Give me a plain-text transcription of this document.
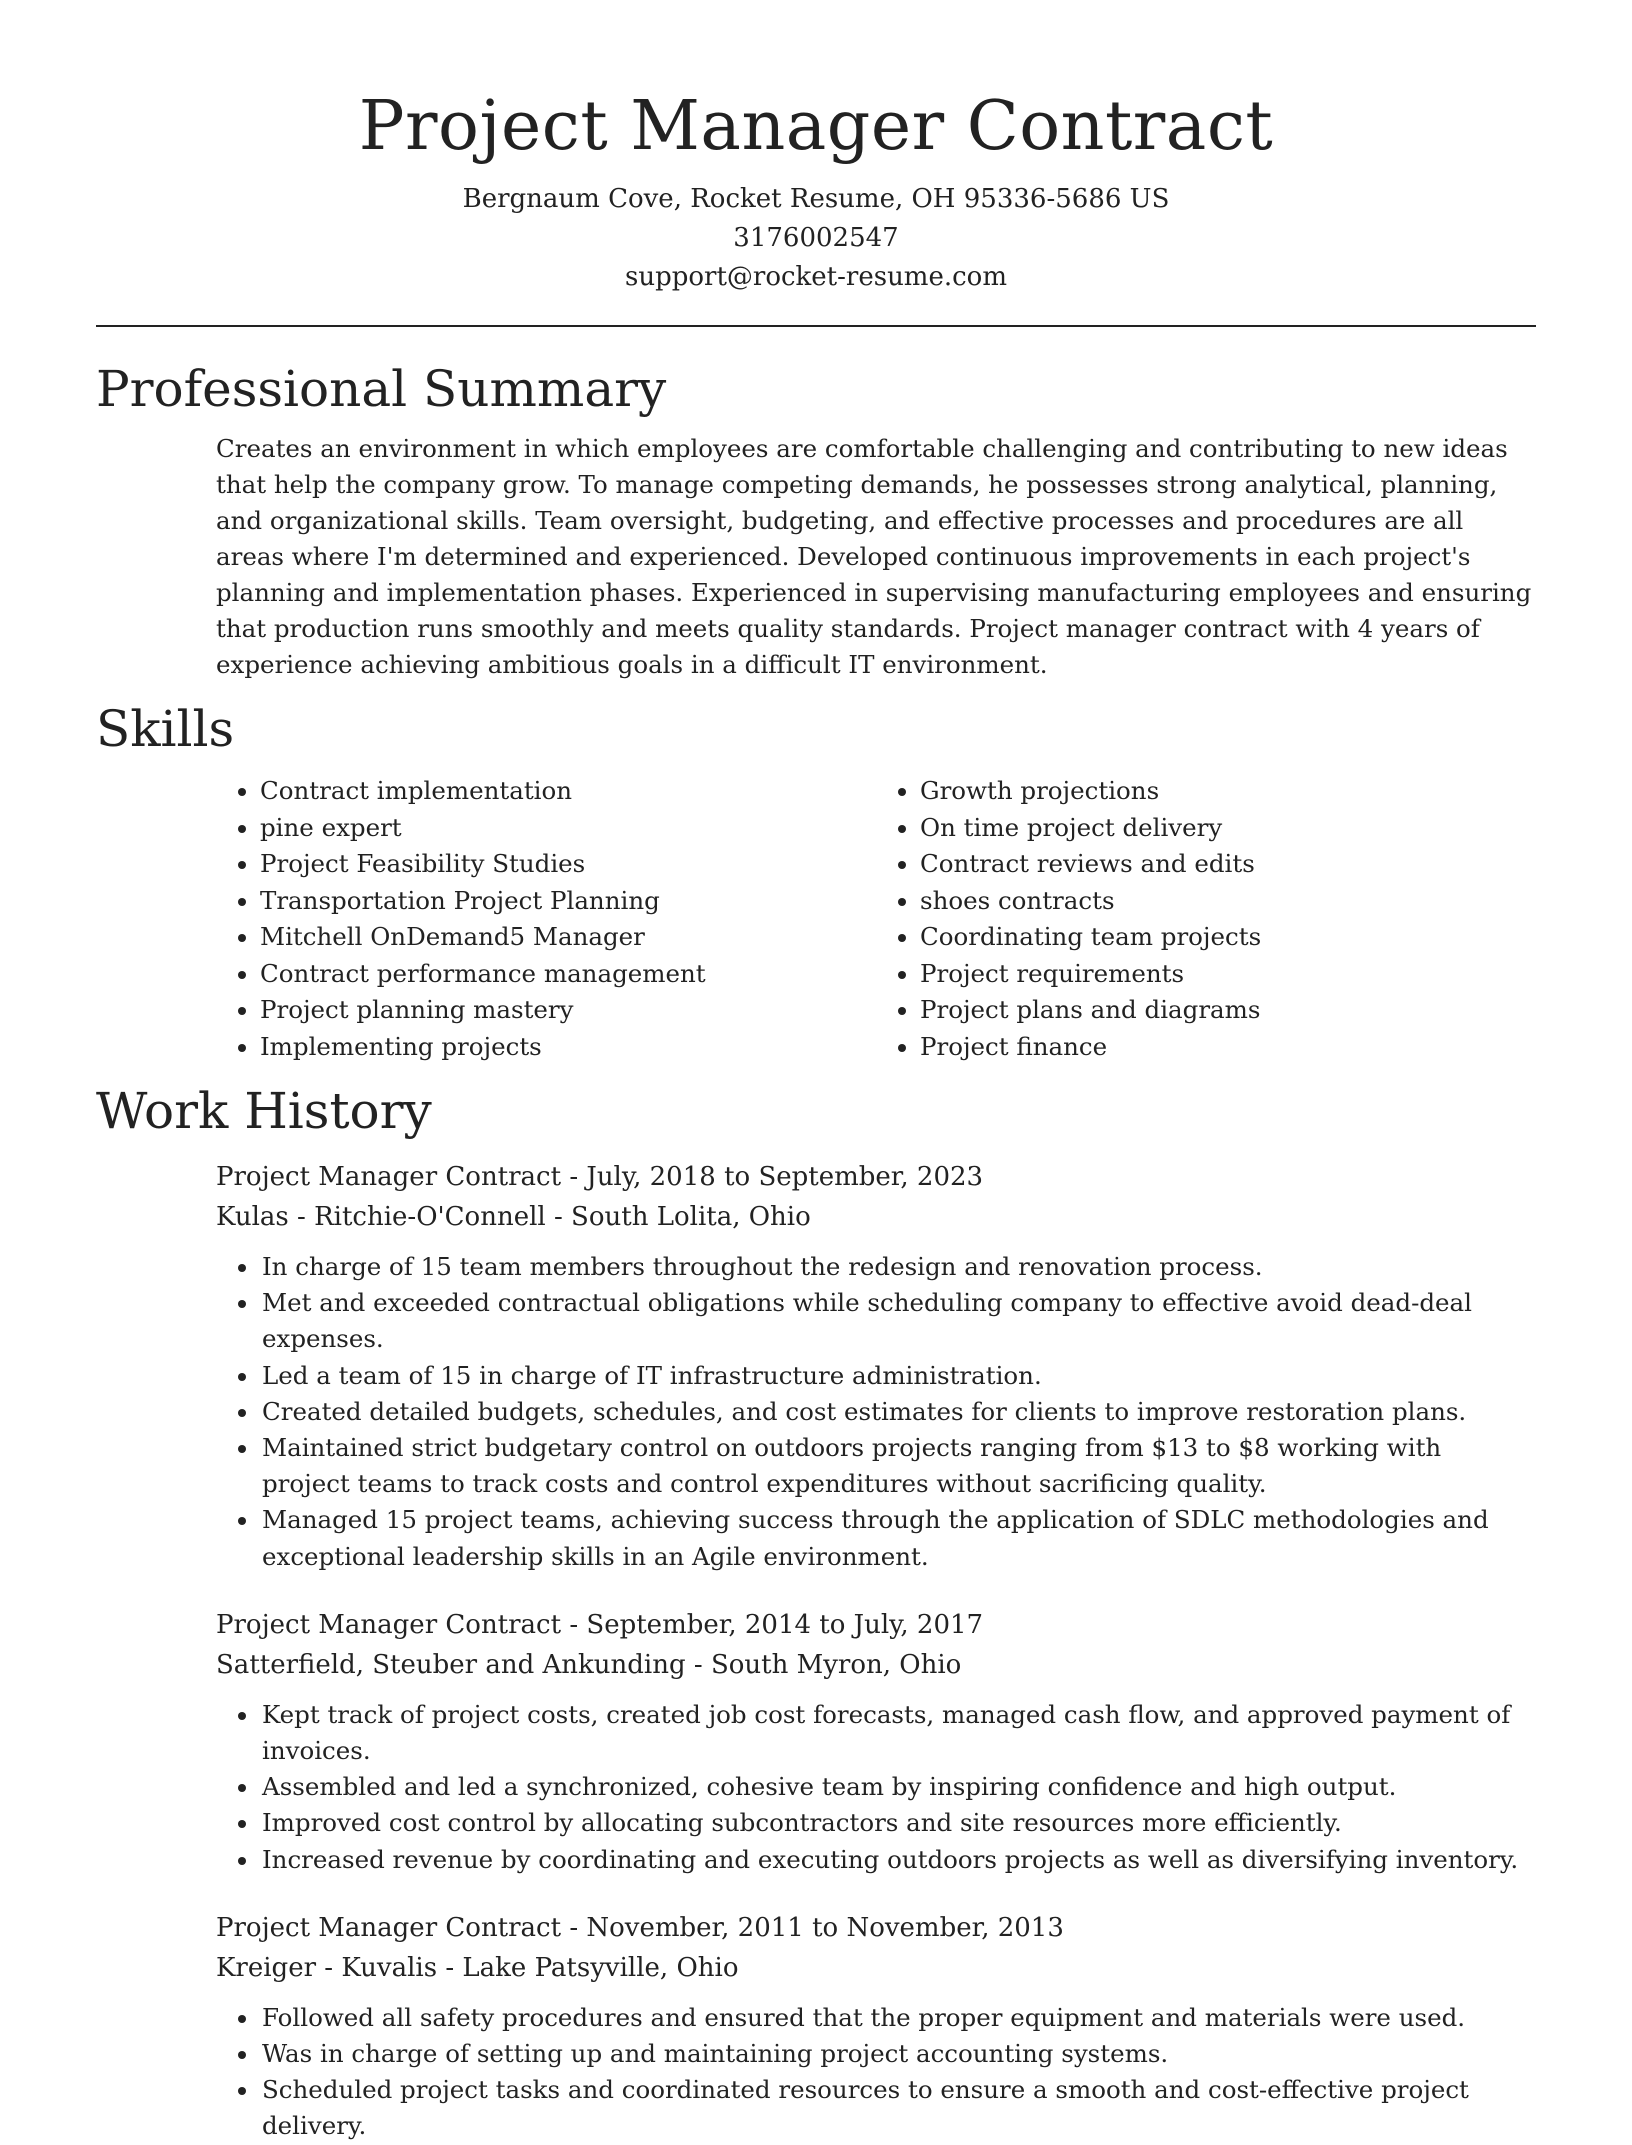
Project Manager Contract
Bergnaum Cove, Rocket Resume, OH 95336-5686 US
3176002547
support@rocket-resume.com
Professional Summary

Creates an environment in which employees are comfortable challenging and contributing to new ideas that help the company grow. To manage competing demands, he possesses strong analytical, planning, and organizational skills. Team oversight, budgeting, and effective processes and procedures are all areas where I'm determined and experienced. Developed continuous improvements in each project's planning and implementation phases. Experienced in supervising manufacturing employees and ensuring that production runs smoothly and meets quality standards. Project manager contract with 4 years of experience achieving ambitious goals in a difficult IT environment.

Skills
• Contract implementation
• pine expert
• Project Feasibility Studies
• Transportation Project Planning
• Mitchell OnDemand5 Manager
• Contract performance management
• Project planning mastery
• Implementing projects
• Growth projections
• On time project delivery
• Contract reviews and edits
• shoes contracts
• Coordinating team projects
• Project requirements
• Project plans and diagrams
• Project finance
Work History
Project Manager Contract - July, 2018 to September, 2023
Kulas - Ritchie-O'Connell - South Lolita, Ohio
• In charge of 15 team members throughout the redesign and renovation process.
• Met and exceeded contractual obligations while scheduling company to effective avoid dead-deal expenses.
• Led a team of 15 in charge of IT infrastructure administration.
• Created detailed budgets, schedules, and cost estimates for clients to improve restoration plans.
• Maintained strict budgetary control on outdoors projects ranging from $13 to $8 working with project teams to track costs and control expenditures without sacrificing quality.
• Managed 15 project teams, achieving success through the application of SDLC methodologies and exceptional leadership skills in an Agile environment.
Project Manager Contract - September, 2014 to July, 2017
Satterfield, Steuber and Ankunding - South Myron, Ohio
• Kept track of project costs, created job cost forecasts, managed cash flow, and approved payment of invoices.
• Assembled and led a synchronized, cohesive team by inspiring confidence and high output.
• Improved cost control by allocating subcontractors and site resources more efficiently.
• Increased revenue by coordinating and executing outdoors projects as well as diversifying inventory.
Project Manager Contract - November, 2011 to November, 2013
Kreiger - Kuvalis - Lake Patsyville, Ohio
• Followed all safety procedures and ensured that the proper equipment and materials were used.
• Was in charge of setting up and maintaining project accounting systems.
• Scheduled project tasks and coordinated resources to ensure a smooth and cost-effective project delivery.
